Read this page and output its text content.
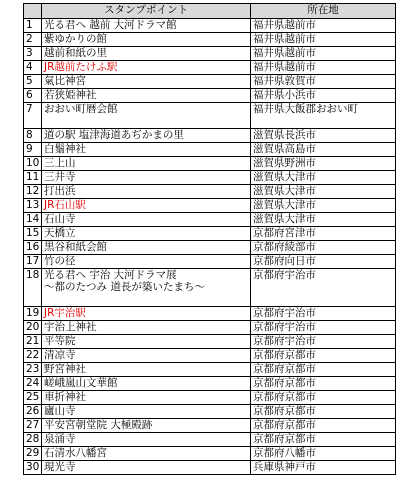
	スタンプポイント	所在地
1	光る君へ 越前 大河ドラマ館	福井県越前市
2	紫ゆかりの館	福井県越前市
3	越前和紙の里	福井県越前市
4	JR越前たけふ駅	福井県越前市
5	氣比神宮	福井県敦賀市
6	若狭姫神社	福井県小浜市
7	おおい町暦会館	福井県大飯郡おおい町
8	道の駅 塩津海道あぢかまの里	滋賀県長浜市
9	白鬚神社	滋賀県高島市
10	三上山	滋賀県野洲市
11	三井寺	滋賀県大津市
12	打出浜	滋賀県大津市
13	JR石山駅	滋賀県大津市
14	石山寺	滋賀県大津市
15	天橋立	京都府宮津市
16	黒谷和紙会館	京都府綾部市
17	竹の径	京都府向日市
18	光る君へ 宇治 大河ドラマ展
〜都のたつみ 道長が築いたまち〜	京都府宇治市
19	JR宇治駅	京都府宇治市
20	宇治上神社	京都府宇治市
21	平等院	京都府宇治市
22	清凉寺	京都府京都市
23	野宮神社	京都府京都市
24	嵯峨嵐山文華館	京都府京都市
25	車折神社	京都府京都市
26	廬山寺	京都府京都市
27	平安宮朝堂院 大極殿跡	京都府京都市
28	泉涌寺	京都府京都市
29	石清水八幡宮	京都府八幡市
30	現光寺	兵庫県神戸市
